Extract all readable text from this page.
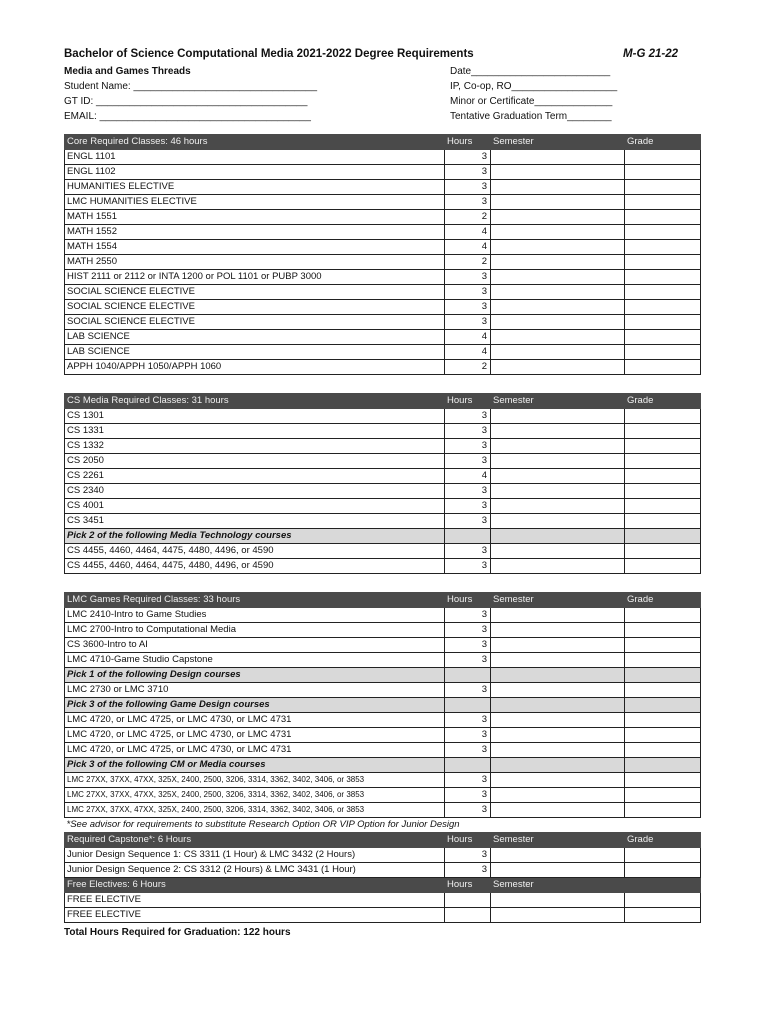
Bachelor of Science Computational Media 2021-2022 Degree Requirements	M-G 21-22
Media and Games Threads
Student Name: _________________________________
GT ID: ______________________________________
EMAIL: ______________________________________
Date_________________________
IP, Co-op, RO___________________
Minor or Certificate______________
Tentative Graduation Term________
Core Required Classes: 46 hours	Hours	Semester	Grade
ENGL 1101	3		
ENGL 1102	3		
HUMANITIES ELECTIVE	3		
LMC HUMANITIES ELECTIVE	3		
MATH 1551	2		
MATH 1552	4		
MATH 1554	4		
MATH 2550	2		
HIST 2111 or 2112 or INTA 1200 or POL 1101 or PUBP 3000	3		
SOCIAL SCIENCE ELECTIVE	3		
SOCIAL SCIENCE ELECTIVE	3		
SOCIAL SCIENCE ELECTIVE	3		
LAB SCIENCE	4		
LAB SCIENCE	4		
APPH 1040/APPH 1050/APPH 1060	2		

CS Media Required Classes: 31 hours	Hours	Semester	Grade
CS 1301	3		
CS 1331	3		
CS 1332	3		
CS 2050	3		
CS 2261	4		
CS 2340	3		
CS 4001	3		
CS 3451	3		
Pick 2 of the following Media Technology courses			
CS 4455, 4460, 4464, 4475, 4480, 4496, or 4590	3		
CS 4455, 4460, 4464, 4475, 4480, 4496, or 4590	3		

LMC Games Required Classes: 33 hours	Hours	Semester	Grade
LMC 2410-Intro to Game Studies	3		
LMC 2700-Intro to Computational Media	3		
CS 3600-Intro to AI	3		
LMC 4710-Game Studio Capstone	3		
Pick 1 of the following Design courses			
LMC 2730 or LMC 3710	3		
Pick 3 of the following Game Design courses			
LMC 4720, or LMC 4725, or LMC 4730, or LMC 4731	3		
LMC 4720, or LMC 4725, or LMC 4730, or LMC 4731	3		
LMC 4720, or LMC 4725, or LMC 4730, or LMC 4731	3		
Pick 3 of the following CM or Media courses			
LMC 27XX, 37XX, 47XX, 325X, 2400, 2500, 3206, 3314, 3362, 3402, 3406, or 3853	3		
LMC 27XX, 37XX, 47XX, 325X, 2400, 2500, 3206, 3314, 3362, 3402, 3406, or 3853	3		
LMC 27XX, 37XX, 47XX, 325X, 2400, 2500, 3206, 3314, 3362, 3402, 3406, or 3853	3		
*See advisor for requirements to substitute Research Option OR VIP Option for Junior Design			
Required Capstone*: 6 Hours	Hours	Semester	Grade
Junior Design Sequence 1: CS 3311 (1 Hour) & LMC 3432 (2 Hours)	3		
Junior Design Sequence 2: CS 3312 (2 Hours) & LMC 3431 (1 Hour)	3		
Free Electives: 6 Hours	Hours	Semester	
FREE ELECTIVE			
FREE ELECTIVE			
Total Hours Required for Graduation: 122 hours
